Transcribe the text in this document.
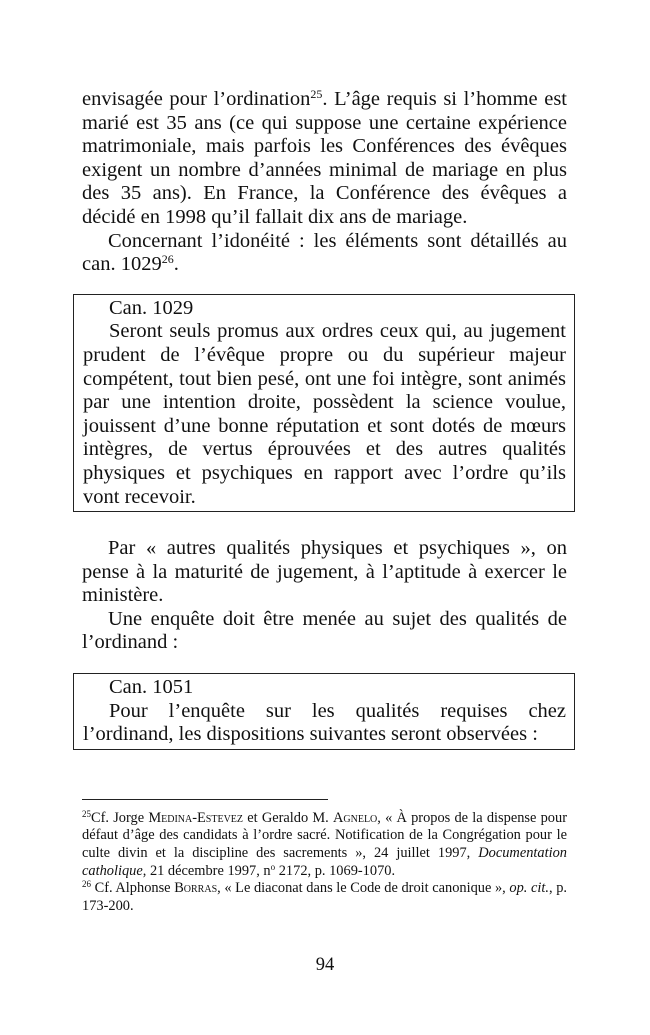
envisagée pour l’ordination$^{25}$. L’âge requis si l’homme est marié est 35 ans (ce qui suppose une certaine expérience matrimoniale, mais parfois les Conférences des évêques exigent un nombre d’années minimal de mariage en plus des 35 ans). En France, la Conférence des évêques a décidé en 1998 qu’il fallait dix ans de mariage.

Concernant l’idonéité : les éléments sont détaillés au can. 1029$^{26}$.

Can. 1029

Seront seuls promus aux ordres ceux qui, au jugement prudent de l’évêque propre ou du supérieur majeur compétent, tout bien pesé, ont une foi intègre, sont animés par une intention droite, possèdent la science voulue, jouissent d’une bonne réputation et sont dotés de mœurs intègres, de vertus éprouvées et des autres qualités physiques et psychiques en rapport avec l’ordre qu’ils vont recevoir.

Par « autres qualités physiques et psychiques », on pense à la maturité de jugement, à l’aptitude à exercer le ministère.

Une enquête doit être menée au sujet des qualités de l’ordinand :

Can. 1051

Pour l’enquête sur les qualités requises chez l’ordinand, les dispositions suivantes seront observées :

$^{25}$Cf. Jorge Medina-Estevez et Geraldo M. Agnelo, « À propos de la dispense pour défaut d’âge des candidats à l’ordre sacré. Notification de la Congrégation pour le culte divin et la discipline des sacrements », 24 juillet 1997, Documentation catholique, 21 décembre 1997, $n^o$ 2172, p. 1069-1070.

$^{26}$ Cf. Alphonse Borras, « Le diaconat dans le Code de droit canonique », op. cit., p. 173-200.

94
